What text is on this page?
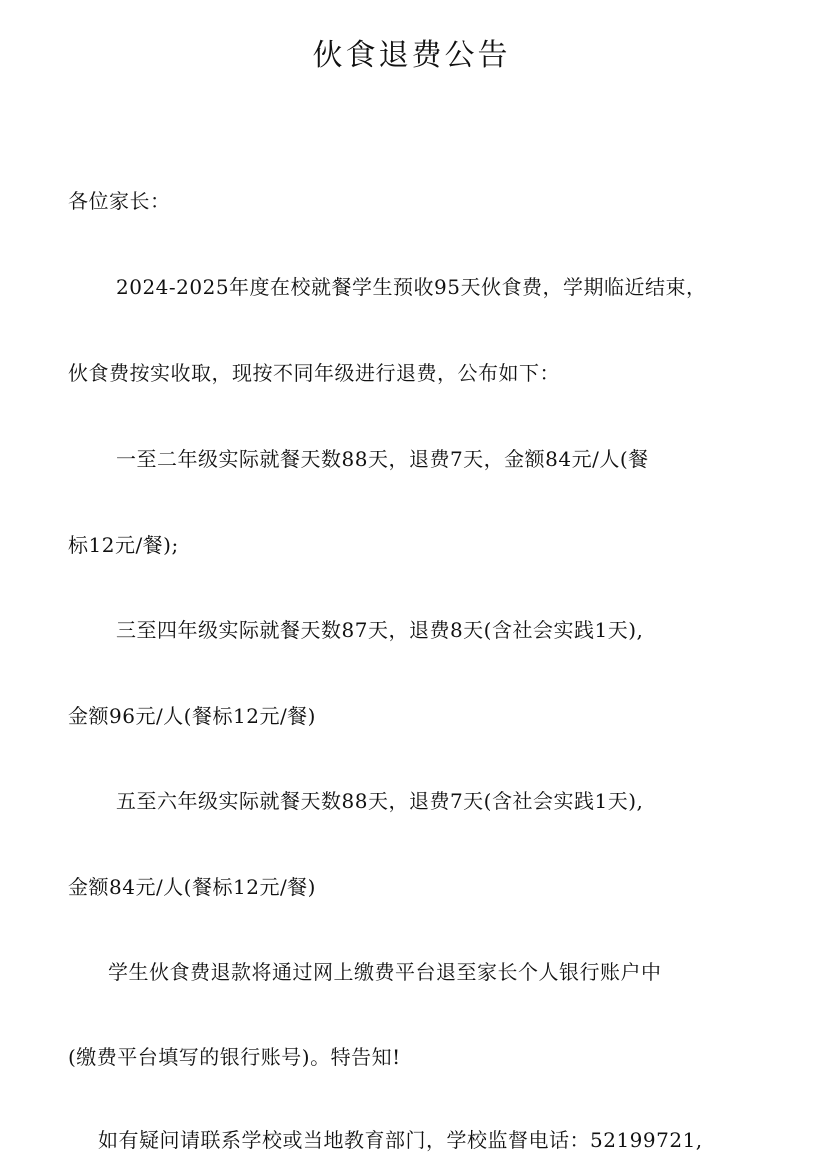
伙食退费公告

各位家长：

2024-2025年度在校就餐学生预收95天伙食费，学期临近结束，

伙食费按实收取，现按不同年级进行退费，公布如下：

一至二年级实际就餐天数88天，退费7天，金额84元/人(餐

标12元/餐);

三至四年级实际就餐天数87天，退费8天(含社会实践1天),

金额96元/人(餐标12元/餐)

五至六年级实际就餐天数88天，退费7天(含社会实践1天),

金额84元/人(餐标12元/餐)

学生伙食费退款将通过网上缴费平台退至家长个人银行账户中

(缴费平台填写的银行账号)。特告知!

如有疑问请联系学校或当地教育部门，学校监督电话：52199721,
